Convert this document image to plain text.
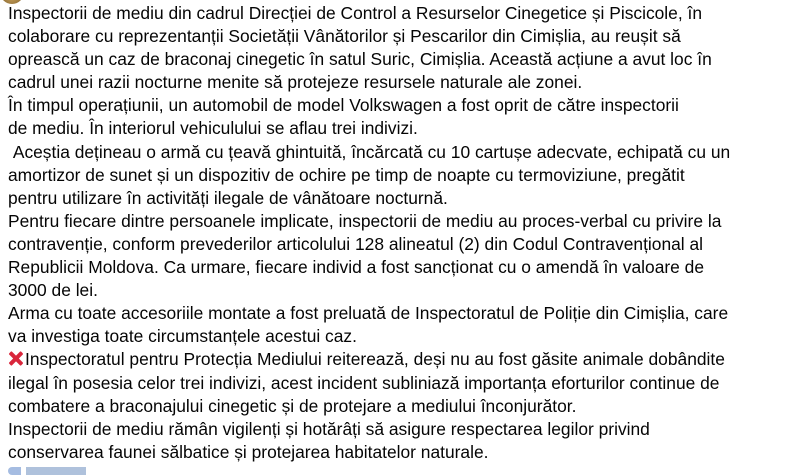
Inspectorii de mediu din cadrul Direcției de Control a Resurselor Cinegetice și Piscicole, în
colaborare cu reprezentanții Societății Vânătorilor și Pescarilor din Cimișlia, au reușit să
oprească un caz de braconaj cinegetic în satul Suric, Cimișlia. Această acțiune a avut loc în
cadrul unei razii nocturne menite să protejeze resursele naturale ale zonei.

În timpul operațiunii, un automobil de model Volkswagen a fost oprit de către inspectorii
de mediu. În interiorul vehiculului se aflau trei indivizi.

Aceștia dețineau o armă cu țeavă ghintuită, încărcată cu 10 cartușe adecvate, echipată cu un
amortizor de sunet și un dispozitiv de ochire pe timp de noapte cu termoviziune, pregătit
pentru utilizare în activități ilegale de vânătoare nocturnă.

Pentru fiecare dintre persoanele implicate, inspectorii de mediu au proces-verbal cu privire la
contravenție, conform prevederilor articolului 128 alineatul (2) din Codul Contravențional al
Republicii Moldova. Ca urmare, fiecare individ a fost sancționat cu o amendă în valoare de
3000 de lei.

Arma cu toate accesoriile montate a fost preluată de Inspectoratul de Poliție din Cimișlia, care
va investiga toate circumstanțele acestui caz.

Inspectoratul pentru Protecția Mediului reiterează, deși nu au fost găsite animale dobândite
ilegal în posesia celor trei indivizi, acest incident subliniază importanța eforturilor continue de
combatere a braconajului cinegetic și de protejare a mediului înconjurător.

Inspectorii de mediu rămân vigilenți și hotărâți să asigure respectarea legilor privind
conservarea faunei sălbatice și protejarea habitatelor naturale.
